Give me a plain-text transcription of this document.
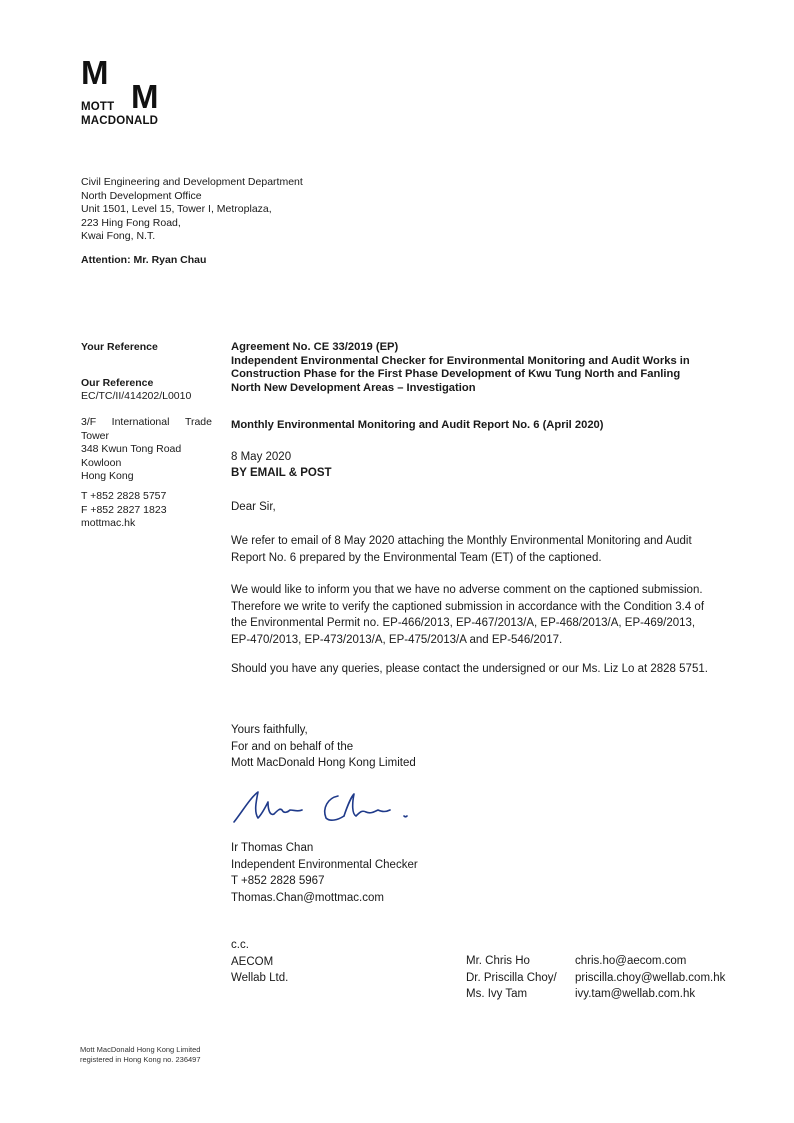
M
M
MOTT
MACDONALD
Civil Engineering and Development Department
North Development Office
Unit 1501, Level 15, Tower I, Metroplaza,
223 Hing Fong Road,
Kwai Fong, N.T.
Attention: Mr. Ryan Chau
Your Reference
Our Reference
EC/TC/II/414202/L0010
3/F International Trade
Tower
348 Kwun Tong Road
Kowloon
Hong Kong
T +852 2828 5757
F +852 2827 1823
mottmac.hk
Agreement No. CE 33/2019 (EP)
Independent Environmental Checker for Environmental Monitoring and Audit Works in
Construction Phase for the First Phase Development of Kwu Tung North and Fanling
North New Development Areas – Investigation
Monthly Environmental Monitoring and Audit Report No. 6 (April 2020)
8 May 2020
BY EMAIL & POST
Dear Sir,
We refer to email of 8 May 2020 attaching the Monthly Environmental Monitoring and Audit
Report No. 6 prepared by the Environmental Team (ET) of the captioned.
We would like to inform you that we have no adverse comment on the captioned submission.
Therefore we write to verify the captioned submission in accordance with the Condition 3.4 of
the Environmental Permit no. EP-466/2013, EP-467/2013/A, EP-468/2013/A, EP-469/2013,
EP-470/2013, EP-473/2013/A, EP-475/2013/A and EP-546/2017.
Should you have any queries, please contact the undersigned or our Ms. Liz Lo at 2828 5751.
Yours faithfully,
For and on behalf of the
Mott MacDonald Hong Kong Limited
Ir Thomas Chan
Independent Environmental Checker
T +852 2828 5967
Thomas.Chan@mottmac.com
c.c.
AECOM
Wellab Ltd.
Mr. Chris Ho
Dr. Priscilla Choy/
Ms. Ivy Tam
chris.ho@aecom.com
priscilla.choy@wellab.com.hk
ivy.tam@wellab.com.hk
Mott MacDonald Hong Kong Limited
registered in Hong Kong no. 236497
